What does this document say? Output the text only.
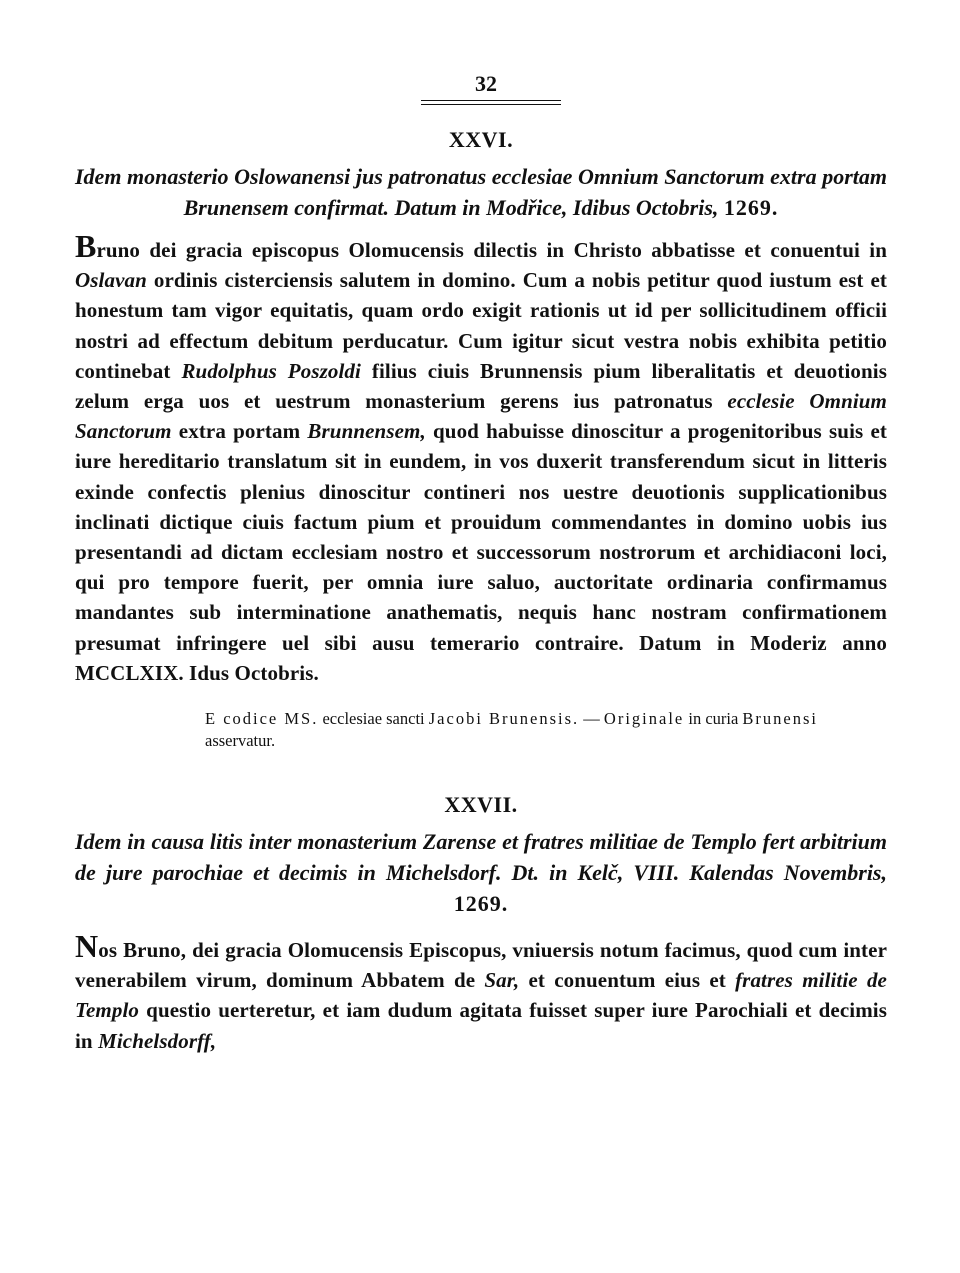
32
XXVI.
Idem monasterio Oslowanensi jus patronatus ecclesiae Omnium Sanctorum extra portam Brunensem confirmat. Datum in Modřice, Idibus Octobris, 1269.
Bruno dei gracia episcopus Olomucensis dilectis in Christo abbatisse et conuentui in Oslavan ordinis cisterciensis salutem in domino. Cum a nobis petitur quod iustum est et honestum tam vigor equitatis, quam ordo exigit rationis ut id per sollicitudinem officii nostri ad effectum debitum perducatur. Cum igitur sicut vestra nobis exhibita petitio continebat Rudolphus Poszoldi filius ciuis Brunnensis pium liberalitatis et deuotionis zelum erga uos et uestrum monasterium gerens ius patronatus ecclesie Omnium Sanctorum extra portam Brunnensem, quod habuisse dinoscitur a progenitoribus suis et iure hereditario translatum sit in eundem, in vos duxerit transferendum sicut in litteris exinde confectis plenius dinoscitur contineri nos uestre deuotionis supplicationibus inclinati dictique ciuis factum pium et prouidum commendantes in domino uobis ius presentandi ad dictam ecclesiam nostro et successorum nostrorum et archidiaconi loci, qui pro tempore fuerit, per omnia iure saluo, auctoritate ordinaria confirmamus mandantes sub interminatione anathematis, nequis hanc nostram confirmationem presumat infringere uel sibi ausu temerario contraire. Datum in Moderiz anno MCCLXIX. Idus Octobris.
E codice MS. ecclesiae sancti Jacobi Brunensis. — Originale in curia Brunensi asservatur.
XXVII.
Idem in causa litis inter monasterium Zarense et fratres militiae de Templo fert arbitrium de jure parochiae et decimis in Michelsdorf. Dt. in Kelč, VIII. Kalendas Novembris, 1269.
Nos Bruno, dei gracia Olomucensis Episcopus, vniuersis notum facimus, quod cum inter venerabilem virum, dominum Abbatem de Sar, et conuentum eius et fratres militie de Templo questio uerteretur, et iam dudum agitata fuisset super iure Parochiali et decimis in Michelsdorff,
